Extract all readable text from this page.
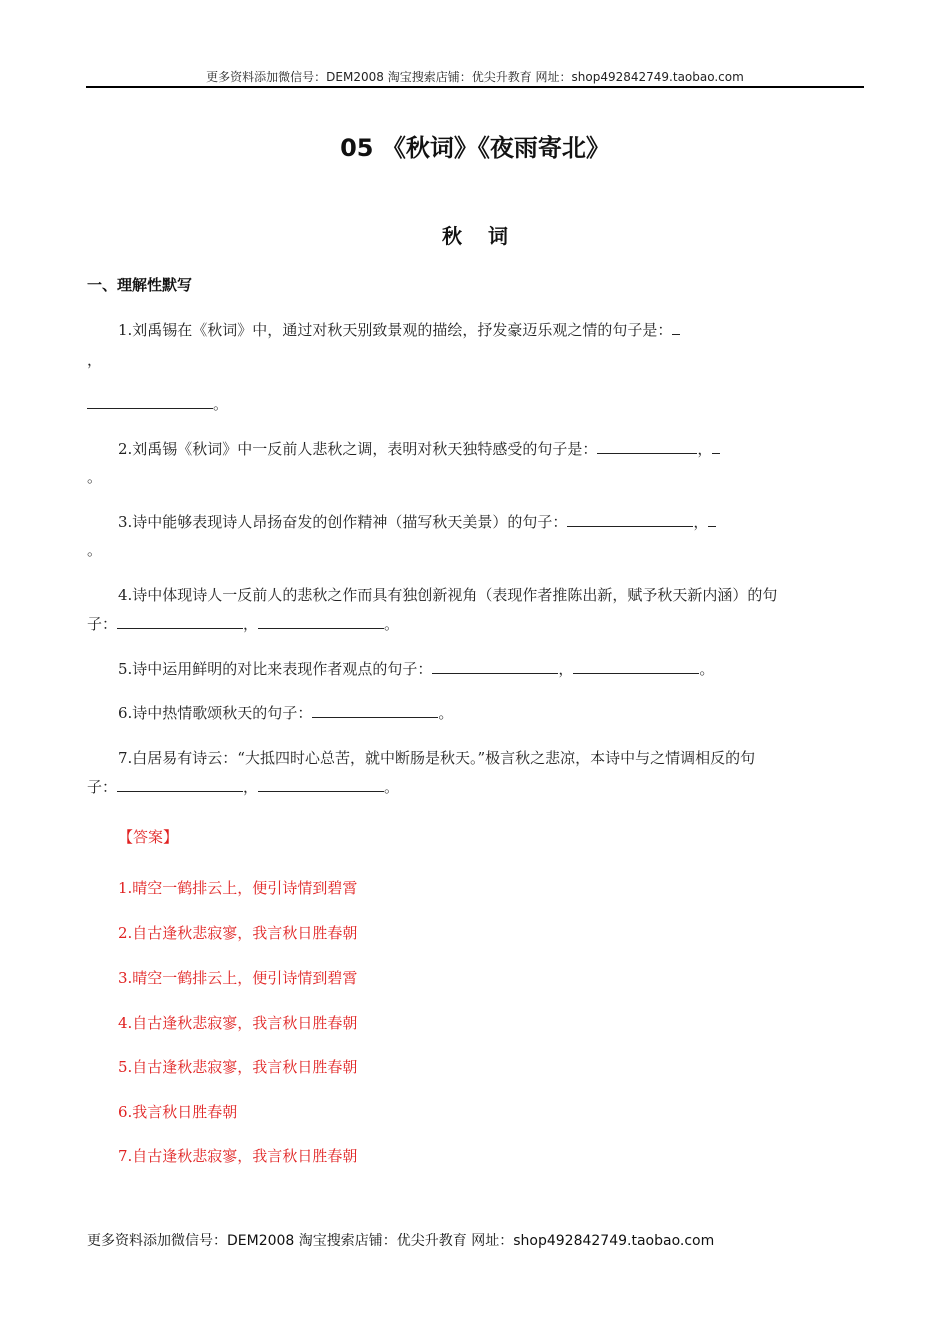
更多资料添加微信号：DEM2008 淘宝搜索店铺：优尖升教育 网址：shop492842749.taobao.com
05 《秋词》《夜雨寄北》
秋词
一、理解性默写
1.刘禹锡在《秋词》中，通过对秋天别致景观的描绘，抒发豪迈乐观之情的句子是：
，
。
2.刘禹锡《秋词》中一反前人悲秋之调，表明对秋天独特感受的句子是：	，
。
3.诗中能够表现诗人昂扬奋发的创作精神（描写秋天美景）的句子：	，
。
4.诗中体现诗人一反前人的悲秋之作而具有独创新视角（表现作者推陈出新，赋予秋天新内涵）的句
子：	，	。
5.诗中运用鲜明的对比来表现作者观点的句子：	，	。
6.诗中热情歌颂秋天的句子：	。
7.白居易有诗云：“大抵四时心总苦，就中断肠是秋天。”极言秋之悲凉，本诗中与之情调相反的句
子：	，	。
【答案】
1.晴空一鹤排云上，便引诗情到碧霄
2.自古逢秋悲寂寥，我言秋日胜春朝
3.晴空一鹤排云上，便引诗情到碧霄
4.自古逢秋悲寂寥，我言秋日胜春朝
5.自古逢秋悲寂寥，我言秋日胜春朝
6.我言秋日胜春朝
7.自古逢秋悲寂寥，我言秋日胜春朝
更多资料添加微信号：DEM2008 淘宝搜索店铺：优尖升教育 网址：shop492842749.taobao.com
